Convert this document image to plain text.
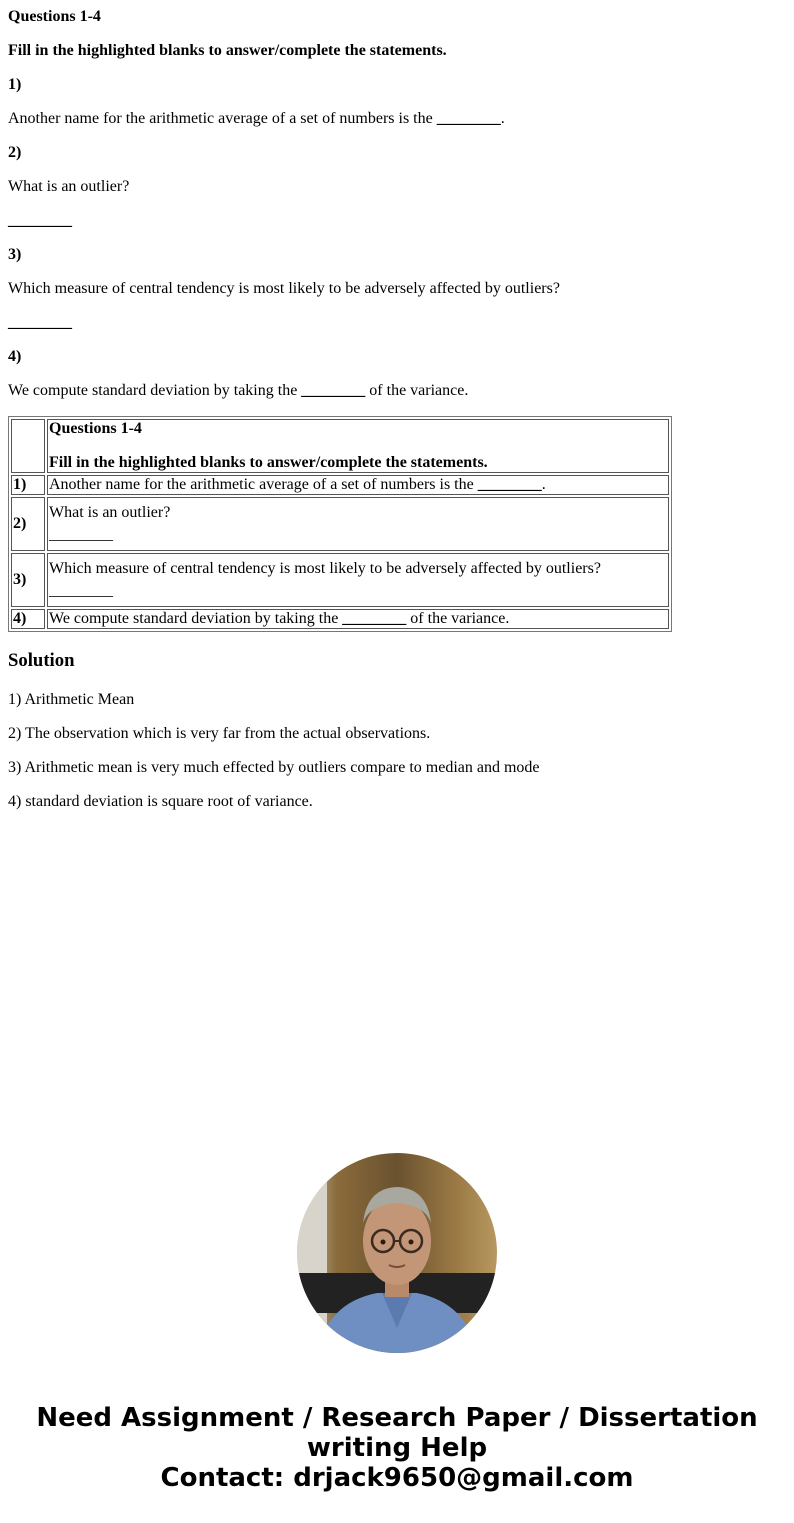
Questions 1-4

Fill in the highlighted blanks to answer/complete the statements.

1)

Another name for the arithmetic average of a set of numbers is the ________.

2)

What is an outlier?

________

3)

Which measure of central tendency is most likely to be adversely affected by outliers?

________

4)

We compute standard deviation by taking the ________ of the variance.

	Questions 1-4

Fill in the highlighted blanks to answer/complete the statements.

1)	Another name for the arithmetic average of a set of numbers is the ________.
2)	What is an outlier?

________

3)	Which measure of central tendency is most likely to be adversely affected by outliers?

________

4)	We compute standard deviation by taking the ________ of the variance.
Solution

1) Arithmetic Mean

2) The observation which is very far from the actual observations.

3) Arithmetic mean is very much effected by outliers compare to median and mode

4) standard deviation is square root of variance.

Need Assignment / Research Paper / Dissertation
writing Help
Contact: drjack9650@gmail.com
